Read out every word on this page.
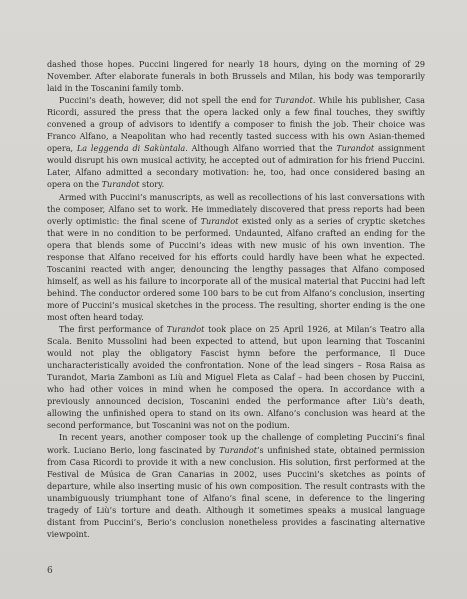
dashed those hopes. Puccini lingered for nearly 18 hours, dying on the morning of 29 November. After elaborate funerals in both Brussels and Milan, his body was temporarily laid in the Toscanini family tomb.

Puccini’s death, however, did not spell the end for Turandot. While his publisher, Casa Ricordi, assured the press that the opera lacked only a few final touches, they swiftly convened a group of advisors to identify a composer to finish the job. Their choice was Franco Alfano, a Neapolitan who had recently tasted success with his own Asian-themed opera, La leggenda di Sakùntala. Although Alfano worried that the Turandot assignment would disrupt his own musical activity, he accepted out of admiration for his friend Puccini. Later, Alfano admitted a secondary motivation: he, too, had once considered basing an opera on the Turandot story.

Armed with Puccini’s manuscripts, as well as recollections of his last conversations with the composer, Alfano set to work. He immediately discovered that press reports had been overly optimistic: the final scene of Turandot existed only as a series of cryptic sketches that were in no condition to be performed. Undaunted, Alfano crafted an ending for the opera that blends some of Puccini’s ideas with new music of his own invention. The response that Alfano received for his efforts could hardly have been what he expected. Toscanini reacted with anger, denouncing the lengthy passages that Alfano composed himself, as well as his failure to incorporate all of the musical material that Puccini had left behind. The conductor ordered some 100 bars to be cut from Alfano’s conclusion, inserting more of Puccini’s musical sketches in the process. The resulting, shorter ending is the one most often heard today.

The first performance of Turandot took place on 25 April 1926, at Milan’s Teatro alla Scala. Benito Mussolini had been expected to attend, but upon learning that Toscanini would not play the obligatory Fascist hymn before the performance, Il Duce uncharacteristically avoided the confrontation. None of the lead singers – Rosa Raisa as Turandot, Maria Zamboni as Liù and Miguel Fleta as Calaf – had been chosen by Puccini, who had other voices in mind when he composed the opera. In accordance with a previously announced decision, Toscanini ended the performance after Liù’s death, allowing the unfinished opera to stand on its own. Alfano’s conclusion was heard at the second performance, but Toscanini was not on the podium.

In recent years, another composer took up the challenge of completing Puccini’s final work. Luciano Berio, long fascinated by Turandot’s unfinished state, obtained permission from Casa Ricordi to provide it with a new conclusion. His solution, first performed at the Festival de Música de Gran Canarias in 2002, uses Puccini’s sketches as points of departure, while also inserting music of his own composition. The result contrasts with the unambiguously triumphant tone of Alfano’s final scene, in deference to the lingering tragedy of Liù’s torture and death. Although it sometimes speaks a musical language distant from Puccini’s, Berio’s conclusion nonetheless provides a fascinating alternative viewpoint.

6
